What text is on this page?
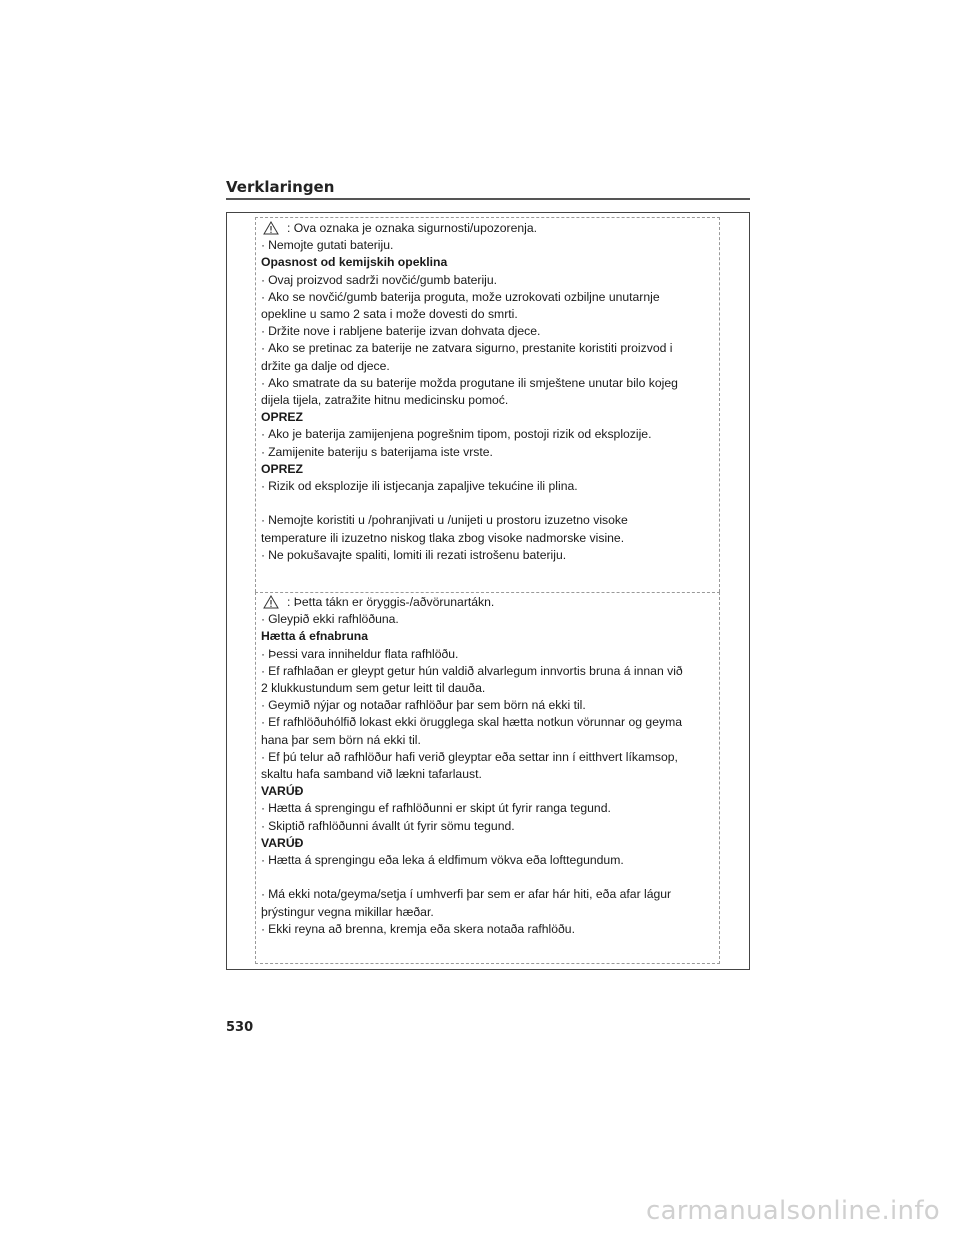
Verklaringen
: Ova oznaka je oznaka sigurnosti/upozorenja.
· Nemojte gutati bateriju.
Opasnost od kemijskih opeklina
· Ovaj proizvod sadrži novčić/gumb bateriju.
· Ako se novčić/gumb baterija proguta, može uzrokovati ozbiljne unutarnje
opekline u samo 2 sata i može dovesti do smrti.
· Držite nove i rabljene baterije izvan dohvata djece.
· Ako se pretinac za baterije ne zatvara sigurno, prestanite koristiti proizvod i
držite ga dalje od djece.
· Ako smatrate da su baterije možda progutane ili smještene unutar bilo kojeg
dijela tijela, zatražite hitnu medicinsku pomoć.
OPREZ
· Ako je baterija zamijenjena pogrešnim tipom, postoji rizik od eksplozije.
· Zamijenite bateriju s baterijama iste vrste.
OPREZ
· Rizik od eksplozije ili istjecanja zapaljive tekućine ili plina.
· Nemojte koristiti u /pohranjivati u /unijeti u prostoru izuzetno visoke
temperature ili izuzetno niskog tlaka zbog visoke nadmorske visine.
· Ne pokušavajte spaliti, lomiti ili rezati istrošenu bateriju.
: Þetta tákn er öryggis-/aðvörunartákn.
· Gleypið ekki rafhlöðuna.
Hætta á efnabruna
· Þessi vara inniheldur flata rafhlöðu.
· Ef rafhlaðan er gleypt getur hún valdið alvarlegum innvortis bruna á innan við
2 klukkustundum sem getur leitt til dauða.
· Geymið nýjar og notaðar rafhlöður þar sem börn ná ekki til.
· Ef rafhlöðuhólfið lokast ekki örugglega skal hætta notkun vörunnar og geyma
hana þar sem börn ná ekki til.
· Ef þú telur að rafhlöður hafi verið gleyptar eða settar inn í eitthvert líkamsop,
skaltu hafa samband við lækni tafarlaust.
VARÚÐ
· Hætta á sprengingu ef rafhlöðunni er skipt út fyrir ranga tegund.
· Skiptið rafhlöðunni ávallt út fyrir sömu tegund.
VARÚÐ
· Hætta á sprengingu eða leka á eldfimum vökva eða lofttegundum.
· Má ekki nota/geyma/setja í umhverfi þar sem er afar hár hiti, eða afar lágur
þrýstingur vegna mikillar hæðar.
· Ekki reyna að brenna, kremja eða skera notaða rafhlöðu.
530
carmanualsonline.info
